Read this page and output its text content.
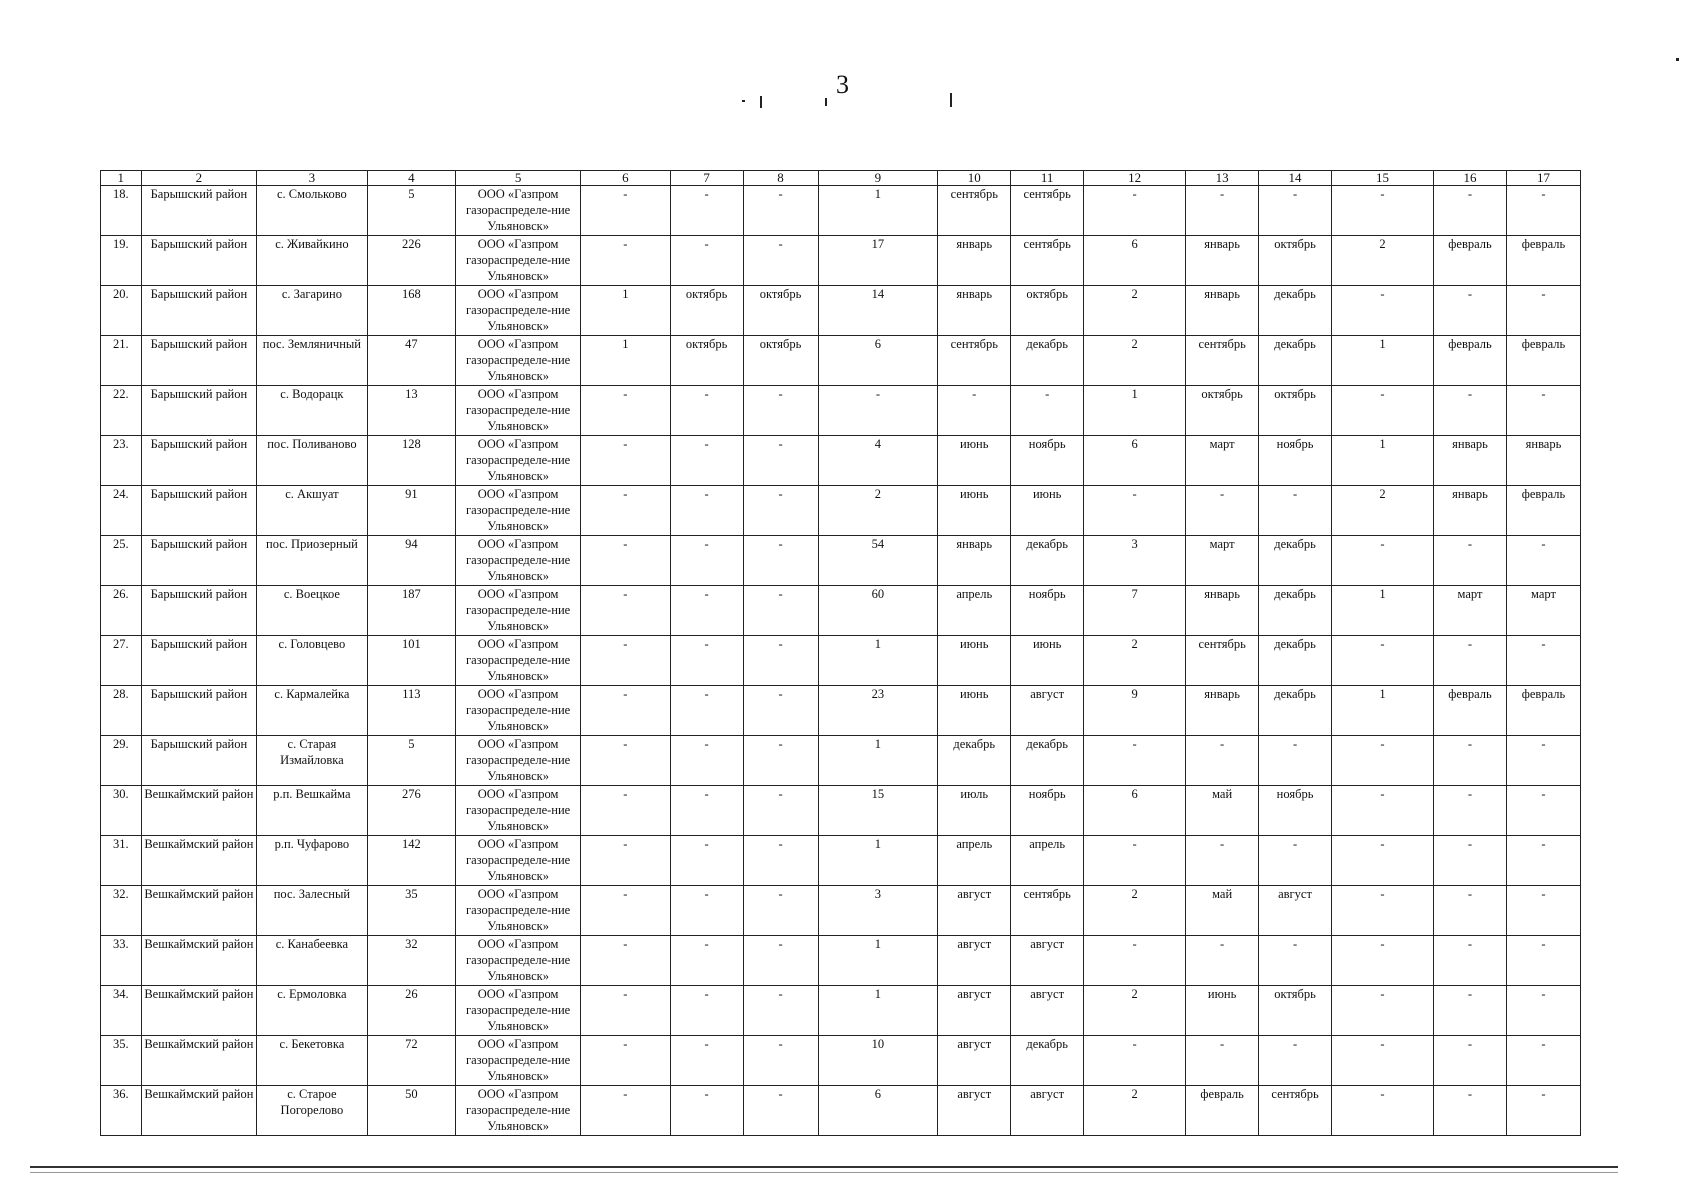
3
1	2	3	4	5	6	7	8	9	10	11	12	13	14	15	16	17
18.	Барышский район	с. Смольково	5	ООО «Газпром газораспределе-ние Ульяновск»	-	-	-	1	сентябрь	сентябрь	-	-	-	-	-	-
19.	Барышский район	с. Живайкино	226	ООО «Газпром газораспределе-ние Ульяновск»	-	-	-	17	январь	сентябрь	6	январь	октябрь	2	февраль	февраль
20.	Барышский район	с. Загарино	168	ООО «Газпром газораспределе-ние Ульяновск»	1	октябрь	октябрь	14	январь	октябрь	2	январь	декабрь	-	-	-
21.	Барышский район	пос. Земляничный	47	ООО «Газпром газораспределе-ние Ульяновск»	1	октябрь	октябрь	6	сентябрь	декабрь	2	сентябрь	декабрь	1	февраль	февраль
22.	Барышский район	с. Водорацк	13	ООО «Газпром газораспределе-ние Ульяновск»	-	-	-	-	-	-	1	октябрь	октябрь	-	-	-
23.	Барышский район	пос. Поливаново	128	ООО «Газпром газораспределе-ние Ульяновск»	-	-	-	4	июнь	ноябрь	6	март	ноябрь	1	январь	январь
24.	Барышский район	с. Акшуат	91	ООО «Газпром газораспределе-ние Ульяновск»	-	-	-	2	июнь	июнь	-	-	-	2	январь	февраль
25.	Барышский район	пос. Приозерный	94	ООО «Газпром газораспределе-ние Ульяновск»	-	-	-	54	январь	декабрь	3	март	декабрь	-	-	-
26.	Барышский район	с. Воецкое	187	ООО «Газпром газораспределе-ние Ульяновск»	-	-	-	60	апрель	ноябрь	7	январь	декабрь	1	март	март
27.	Барышский район	с. Головцево	101	ООО «Газпром газораспределе-ние Ульяновск»	-	-	-	1	июнь	июнь	2	сентябрь	декабрь	-	-	-
28.	Барышский район	с. Кармалейка	113	ООО «Газпром газораспределе-ние Ульяновск»	-	-	-	23	июнь	август	9	январь	декабрь	1	февраль	февраль
29.	Барышский район	с. Старая Измайловка	5	ООО «Газпром газораспределе-ние Ульяновск»	-	-	-	1	декабрь	декабрь	-	-	-	-	-	-
30.	Вешкаймский район	р.п. Вешкайма	276	ООО «Газпром газораспределе-ние Ульяновск»	-	-	-	15	июль	ноябрь	6	май	ноябрь	-	-	-
31.	Вешкаймский район	р.п. Чуфарово	142	ООО «Газпром газораспределе-ние Ульяновск»	-	-	-	1	апрель	апрель	-	-	-	-	-	-
32.	Вешкаймский район	пос. Залесный	35	ООО «Газпром газораспределе-ние Ульяновск»	-	-	-	3	август	сентябрь	2	май	август	-	-	-
33.	Вешкаймский район	с. Канабеевка	32	ООО «Газпром газораспределе-ние Ульяновск»	-	-	-	1	август	август	-	-	-	-	-	-
34.	Вешкаймский район	с. Ермоловка	26	ООО «Газпром газораспределе-ние Ульяновск»	-	-	-	1	август	август	2	июнь	октябрь	-	-	-
35.	Вешкаймский район	с. Бекетовка	72	ООО «Газпром газораспределе-ние Ульяновск»	-	-	-	10	август	декабрь	-	-	-	-	-	-
36.	Вешкаймский район	с. Старое Погорелово	50	ООО «Газпром газораспределе-ние Ульяновск»	-	-	-	6	август	август	2	февраль	сентябрь	-	-	-
